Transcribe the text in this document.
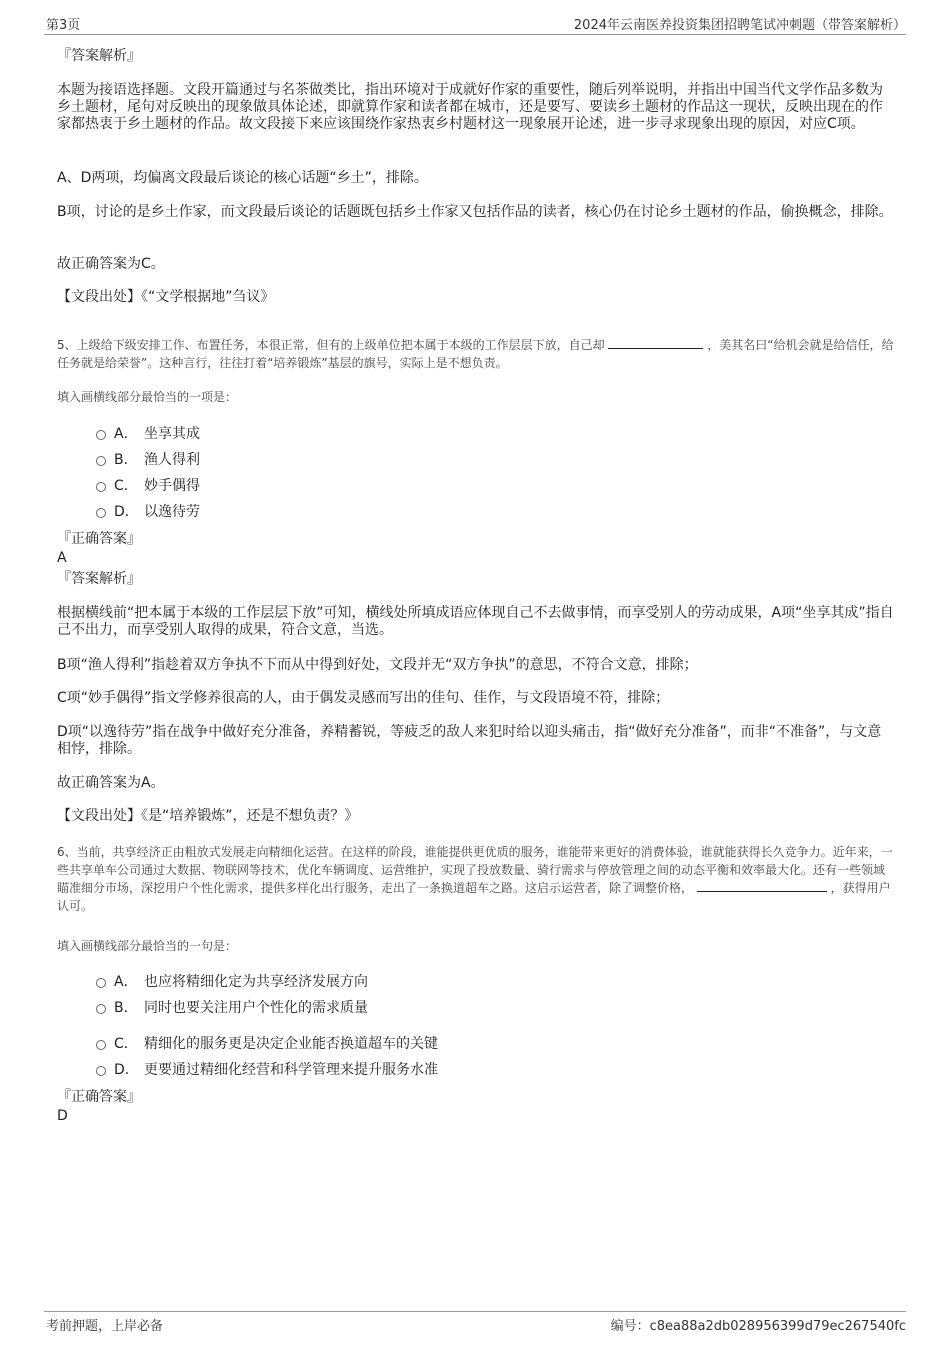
第3页	2024年云南医养投资集团招聘笔试冲刺题（带答案解析）

『答案解析』

本题为接语选择题。文段开篇通过与名茶做类比，指出环境对于成就好作家的重要性，随后列举说明，并指出中国当代文学作品多数为乡土题材，尾句对反映出的现象做具体论述，即就算作家和读者都在城市，还是要写、要读乡土题材的作品这一现状，反映出现在的作家都热衷于乡土题材的作品。故文段接下来应该围绕作家热衷乡村题材这一现象展开论述，进一步寻求现象出现的原因，对应C项。

A、D两项，均偏离文段最后谈论的核心话题“乡土”，排除。

B项，讨论的是乡土作家，而文段最后谈论的话题既包括乡土作家又包括作品的读者，核心仍在讨论乡土题材的作品，偷换概念，排除。

故正确答案为C。

【文段出处】《“文学根据地”刍议》

5、上级给下级安排工作、布置任务，本很正常，但有的上级单位把本属于本级的工作层层下放，自己却	，美其名曰“给机会就是给信任，给任务就是给荣誉”。这种言行，往往打着“培养锻炼”基层的旗号，实际上是不想负责。

填入画横线部分最恰当的一项是：

A． 坐享其成
B． 渔人得利
C． 妙手偶得
D． 以逸待劳

『正确答案』

A

『答案解析』

根据横线前“把本属于本级的工作层层下放”可知，横线处所填成语应体现自己不去做事情，而享受别人的劳动成果，A项“坐享其成”指自己不出力，而享受别人取得的成果，符合文意，当选。

B项“渔人得利”指趁着双方争执不下而从中得到好处，文段并无“双方争执”的意思，不符合文意，排除；

C项“妙手偶得”指文学修养很高的人，由于偶发灵感而写出的佳句、佳作，与文段语境不符，排除；

D项“以逸待劳”指在战争中做好充分准备，养精蓄锐，等疲乏的敌人来犯时给以迎头痛击，指“做好充分准备”，而非“不准备”，与文意相悖，排除。

故正确答案为A。

【文段出处】《是“培养锻炼”，还是不想负责？》

6、当前，共享经济正由粗放式发展走向精细化运营。在这样的阶段，谁能提供更优质的服务，谁能带来更好的消费体验，谁就能获得长久竞争力。近年来，一些共享单车公司通过大数据、物联网等技术，优化车辆调度、运营维护，实现了投放数量、骑行需求与停放管理之间的动态平衡和效率最大化。还有一些领域瞄准细分市场，深挖用户个性化需求，提供多样化出行服务，走出了一条换道超车之路。这启示运营者，除了调整价格，	，获得用户认可。

填入画横线部分最恰当的一句是：

A． 也应将精细化定为共享经济发展方向
B． 同时也要关注用户个性化的需求质量
C． 精细化的服务更是决定企业能否换道超车的关键
D． 更要通过精细化经营和科学管理来提升服务水准

『正确答案』

D

考前押题，上岸必备	编号：c8ea88a2db028956399d79ec267540fc
